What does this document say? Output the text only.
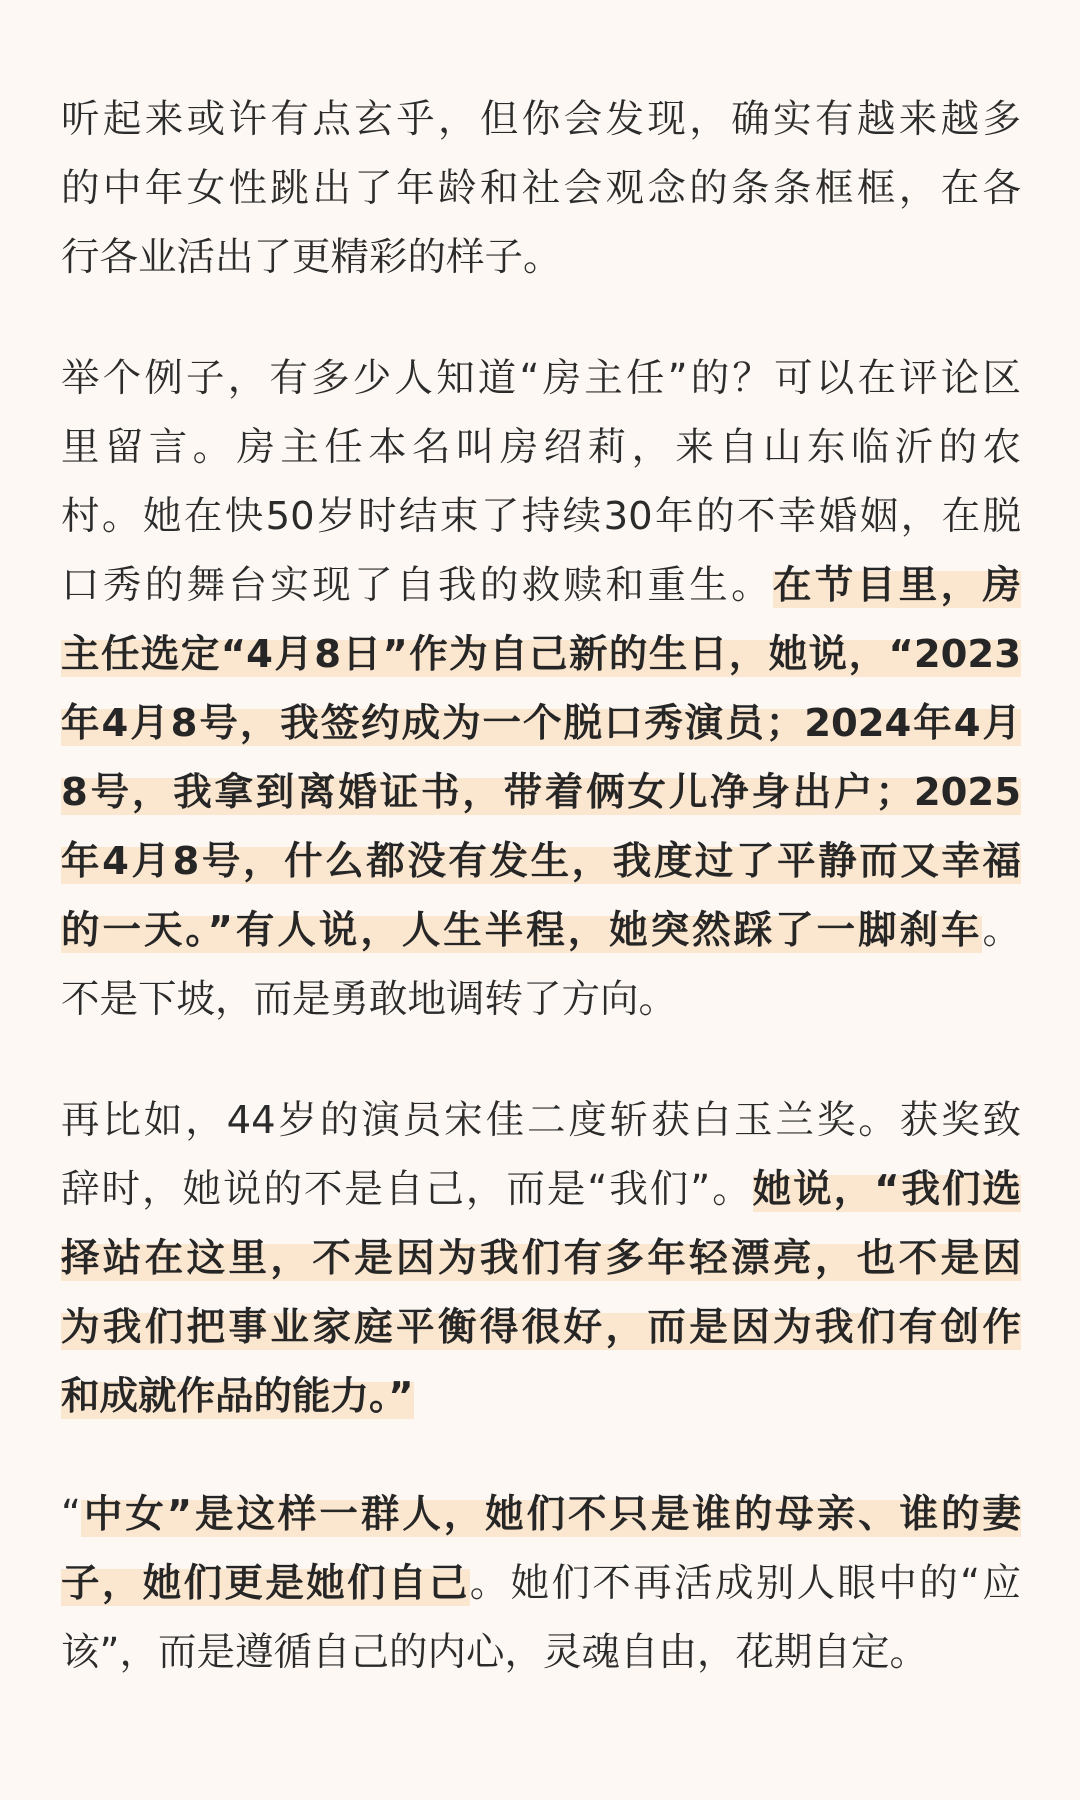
听起来或许有点玄乎，但你会发现，确实有越来越多
的中年女性跳出了年龄和社会观念的条条框框，在各
行各业活出了更精彩的样子。
举个例子，有多少人知道“房主任”的？可以在评论区
里留言。房主任本名叫房绍莉，来自山东临沂的农
村。她在快50岁时结束了持续30年的不幸婚姻，在脱
口秀的舞台实现了自我的救赎和重生。在节目里，房
主任选定“4月8日”作为自己新的生日，她说，“2023
年4月8号，我签约成为一个脱口秀演员；2024年4月
8号，我拿到离婚证书，带着俩女儿净身出户；2025
年4月8号，什么都没有发生，我度过了平静而又幸福
的一天。”有人说，人生半程，她突然踩了一脚刹车。
不是下坡，而是勇敢地调转了方向。
再比如，44岁的演员宋佳二度斩获白玉兰奖。获奖致
辞时，她说的不是自己，而是“我们”。她说，“我们选
择站在这里，不是因为我们有多年轻漂亮，也不是因
为我们把事业家庭平衡得很好，而是因为我们有创作
和成就作品的能力。”
“中女”是这样一群人，她们不只是谁的母亲、谁的妻
子，她们更是她们自己。她们不再活成别人眼中的“应
该”，而是遵循自己的内心，灵魂自由，花期自定。
